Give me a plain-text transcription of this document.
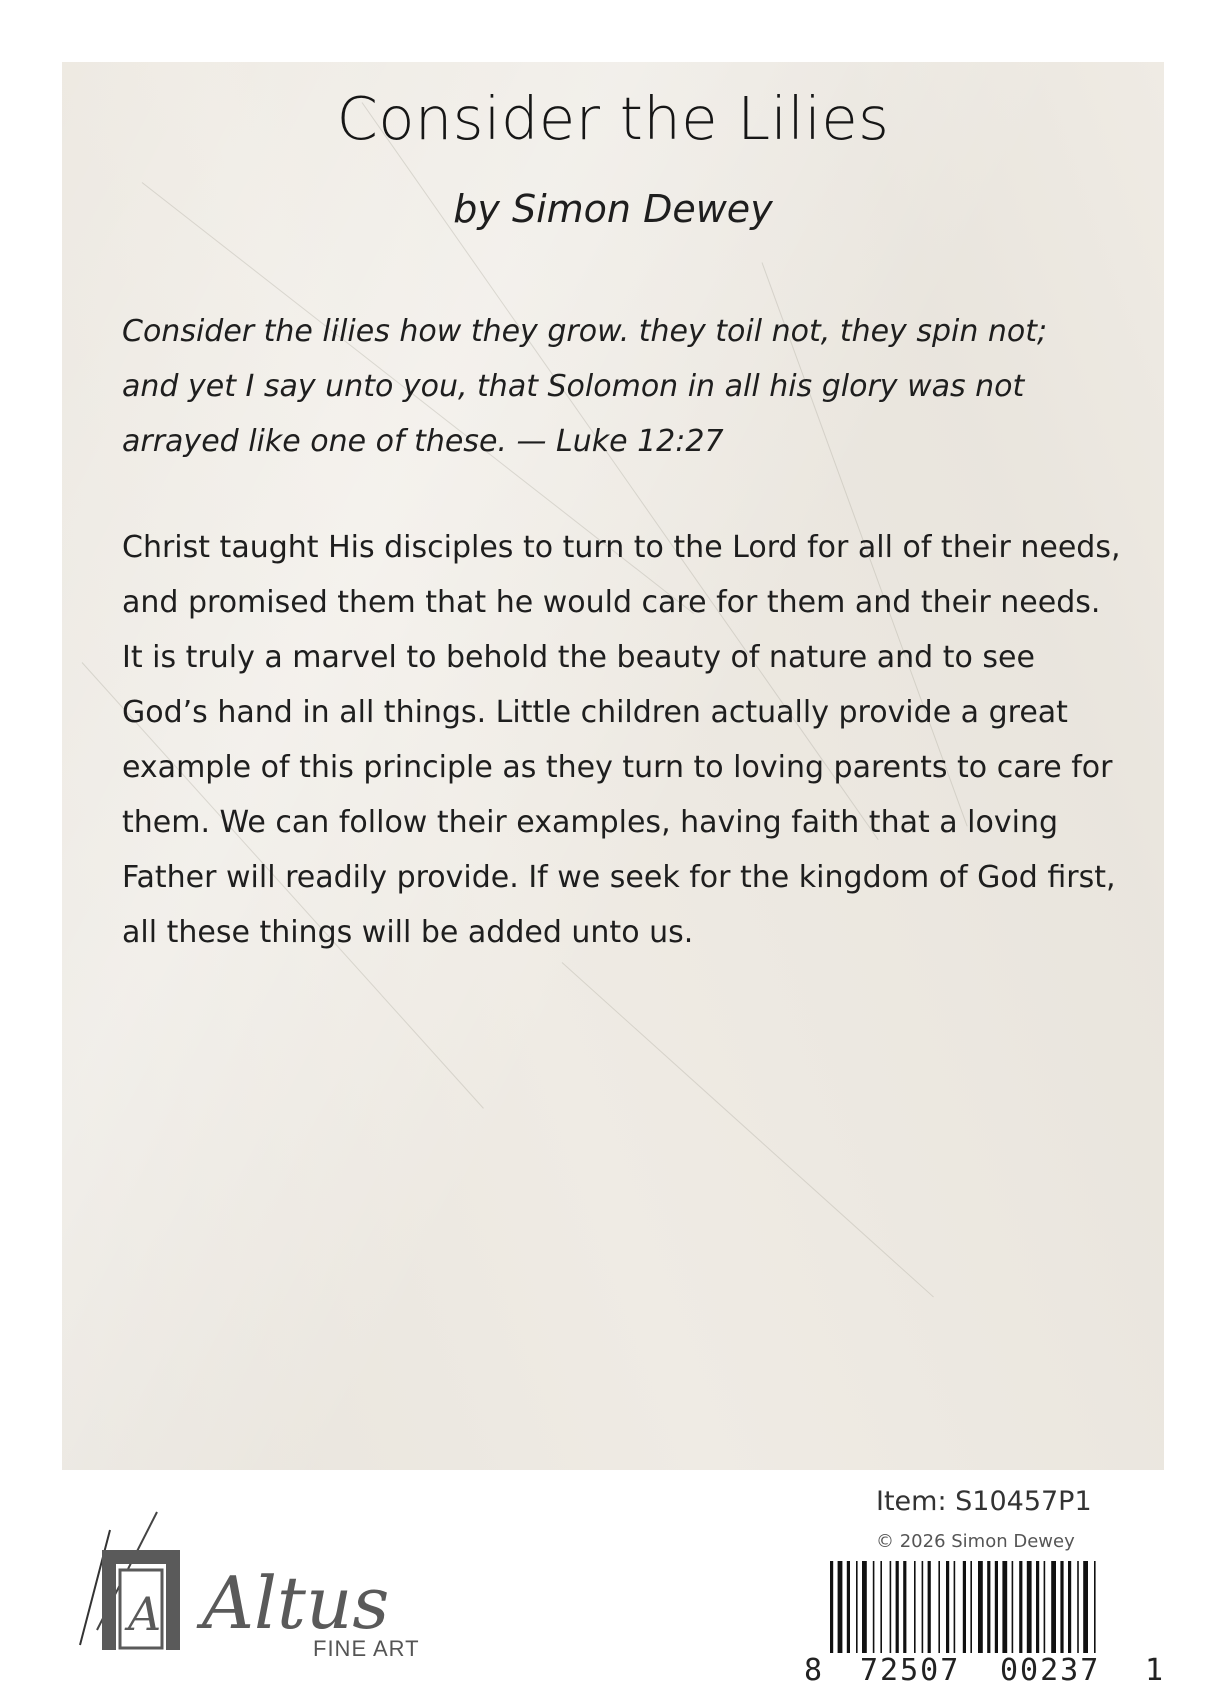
Consider the Lilies
by Simon Dewey
Consider the lilies how they grow. they toil not, they spin not; and yet I say unto you, that Solomon in all his glory was not arrayed like one of these. — Luke 12:27
Christ taught His disciples to turn to the Lord for all of their needs, and promised them that he would care for them and their needs. It is truly a marvel to behold the beauty of nature and to see God’s hand in all things. Little children actually provide a great example of this principle as they turn to loving parents to care for them. We can follow their examples, having faith that a loving Father will readily provide. If we seek for the kingdom of God first, all these things will be added unto us.
A Altus
FINE ART
Item: S10457P1
© 2026 Simon Dewey
8 72507 00237 1
